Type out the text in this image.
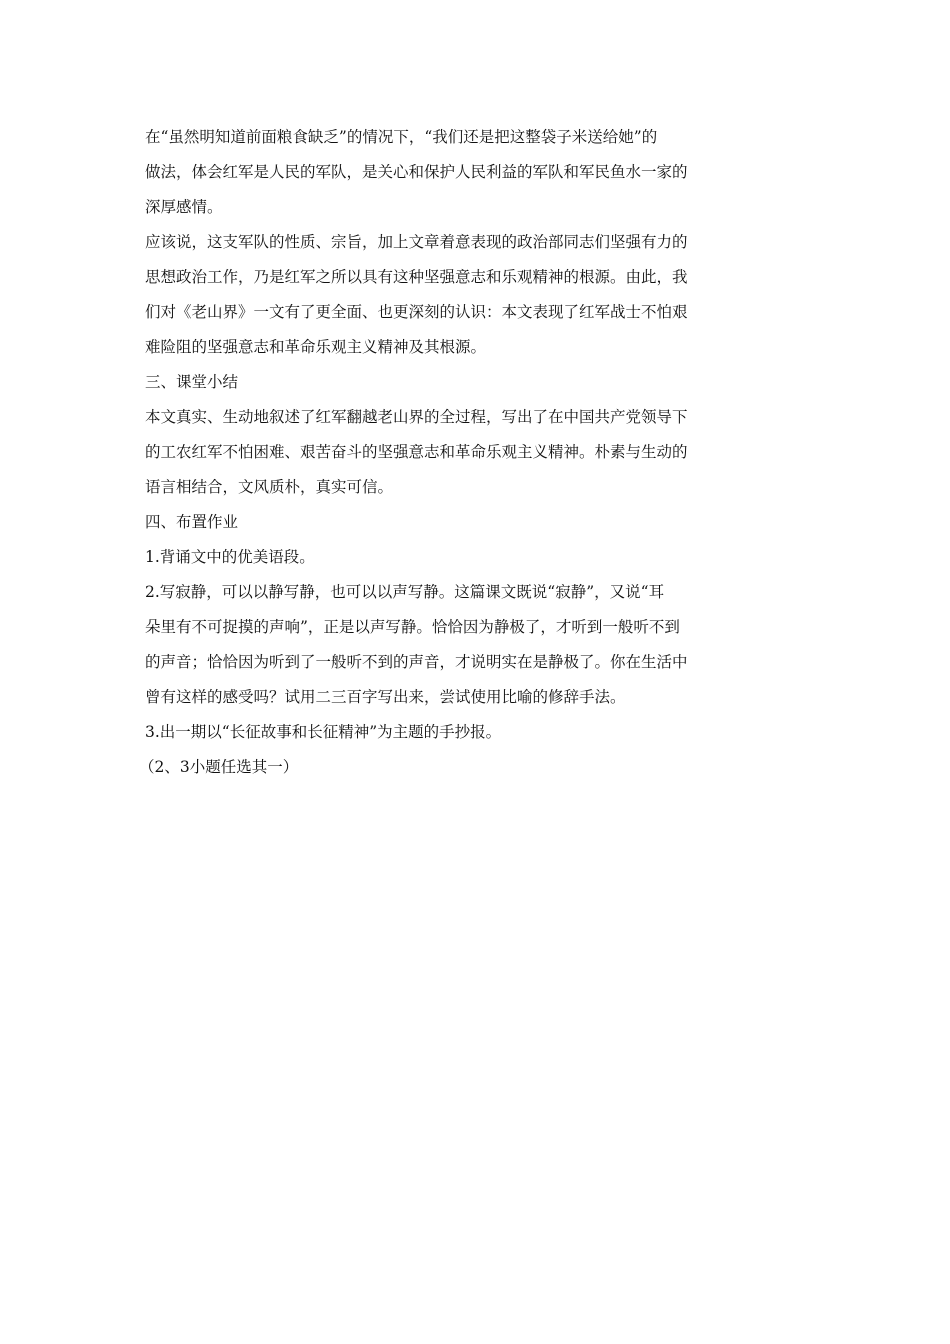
在“虽然明知道前面粮食缺乏”的情况下，“我们还是把这整袋子米送给她”的

做法，体会红军是人民的军队，是关心和保护人民利益的军队和军民鱼水一家的

深厚感情。

应该说，这支军队的性质、宗旨，加上文章着意表现的政治部同志们坚强有力的

思想政治工作，乃是红军之所以具有这种坚强意志和乐观精神的根源。由此，我

们对《老山界》一文有了更全面、也更深刻的认识：本文表现了红军战士不怕艰

难险阻的坚强意志和革命乐观主义精神及其根源。

三、课堂小结

本文真实、生动地叙述了红军翻越老山界的全过程，写出了在中国共产党领导下

的工农红军不怕困难、艰苦奋斗的坚强意志和革命乐观主义精神。朴素与生动的

语言相结合，文风质朴，真实可信。

四、布置作业

1.背诵文中的优美语段。

2.写寂静，可以以静写静，也可以以声写静。这篇课文既说“寂静”，又说“耳

朵里有不可捉摸的声响”，正是以声写静。恰恰因为静极了，才听到一般听不到

的声音；恰恰因为听到了一般听不到的声音，才说明实在是静极了。你在生活中

曾有这样的感受吗？试用二三百字写出来，尝试使用比喻的修辞手法。

3.出一期以“长征故事和长征精神”为主题的手抄报。

（2、3小题任选其一）
